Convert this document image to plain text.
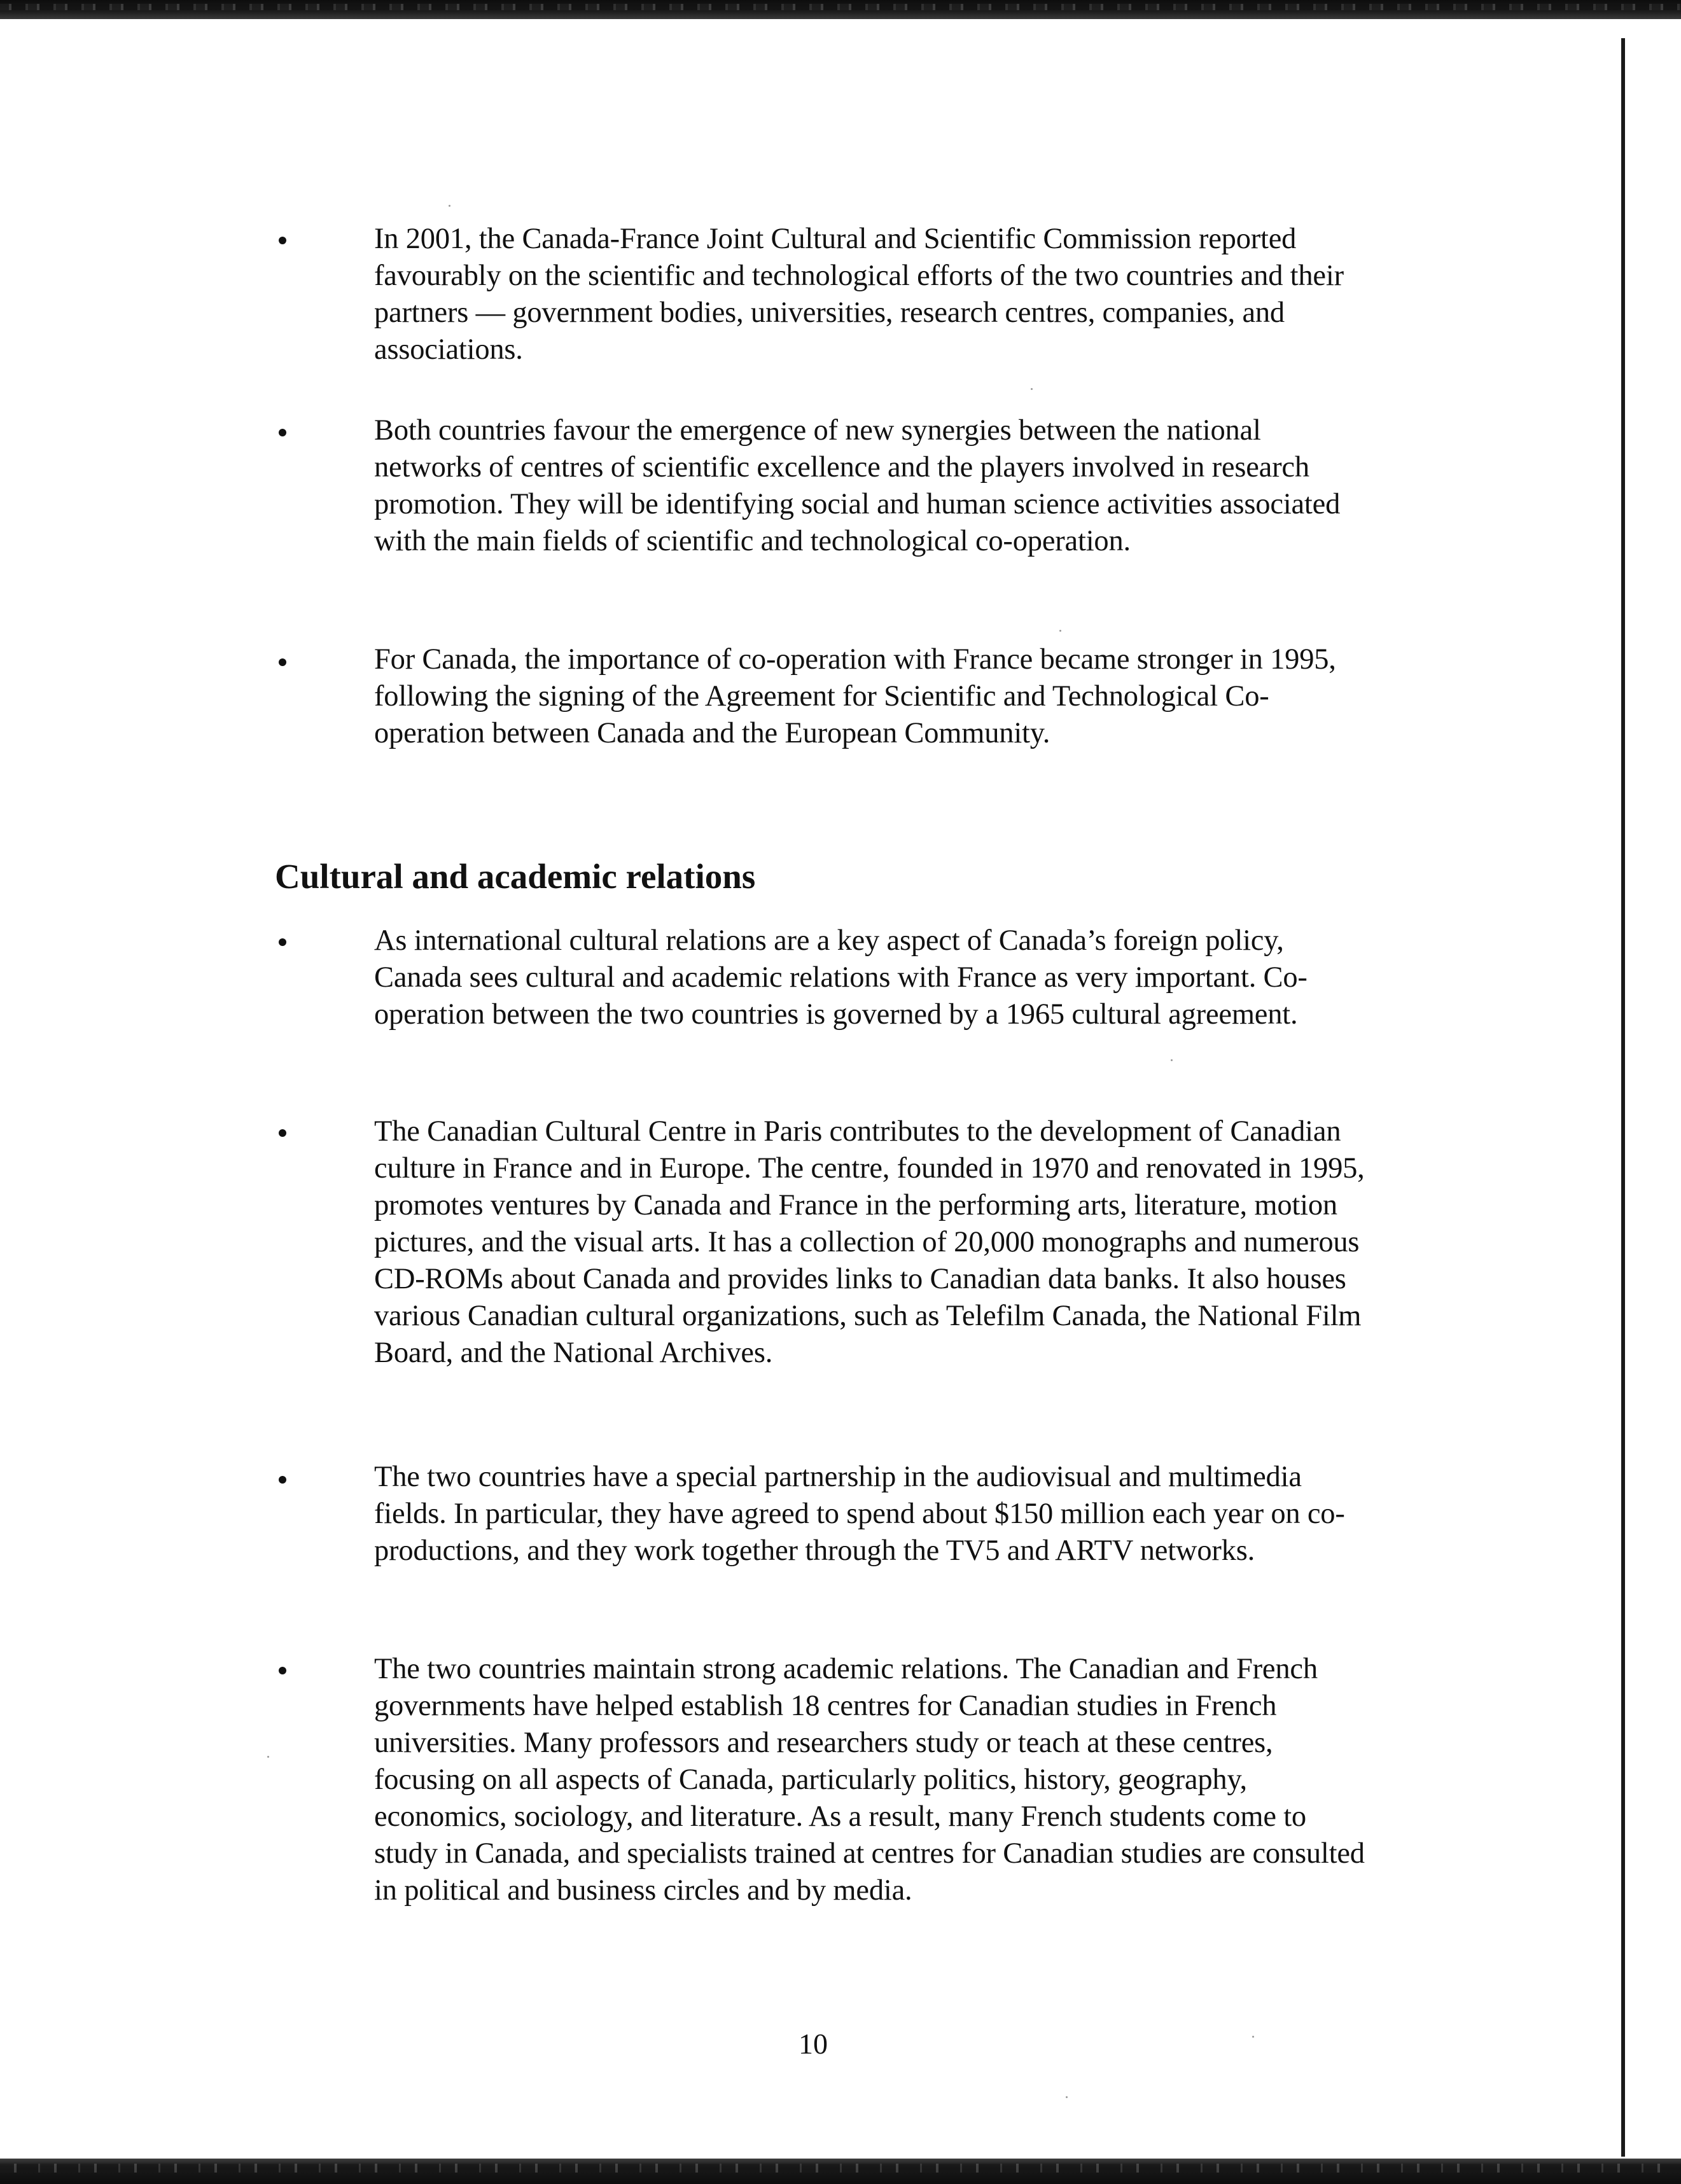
In 2001, the Canada-France Joint Cultural and Scientific Commission reported favourably on the scientific and technological efforts of the two countries and their partners — government bodies, universities, research centres, companies, and associations.

Both countries favour the emergence of new synergies between the national networks of centres of scientific excellence and the players involved in research promotion. They will be identifying social and human science activities associated with the main fields of scientific and technological co-operation.

For Canada, the importance of co-operation with France became stronger in 1995, following the signing of the Agreement for Scientific and Technological Co-operation between Canada and the European Community.

Cultural and academic relations

As international cultural relations are a key aspect of Canada’s foreign policy, Canada sees cultural and academic relations with France as very important. Co-operation between the two countries is governed by a 1965 cultural agreement.

The Canadian Cultural Centre in Paris contributes to the development of Canadian culture in France and in Europe. The centre, founded in 1970 and renovated in 1995, promotes ventures by Canada and France in the performing arts, literature, motion pictures, and the visual arts. It has a collection of 20,000 monographs and numerous CD-ROMs about Canada and provides links to Canadian data banks. It also houses various Canadian cultural organizations, such as Telefilm Canada, the National Film Board, and the National Archives.

The two countries have a special partnership in the audiovisual and multimedia fields. In particular, they have agreed to spend about $150 million each year on co-productions, and they work together through the TV5 and ARTV networks.

The two countries maintain strong academic relations. The Canadian and French governments have helped establish 18 centres for Canadian studies in French universities. Many professors and researchers study or teach at these centres, focusing on all aspects of Canada, particularly politics, history, geography, economics, sociology, and literature. As a result, many French students come to study in Canada, and specialists trained at centres for Canadian studies are consulted in political and business circles and by media.

10
